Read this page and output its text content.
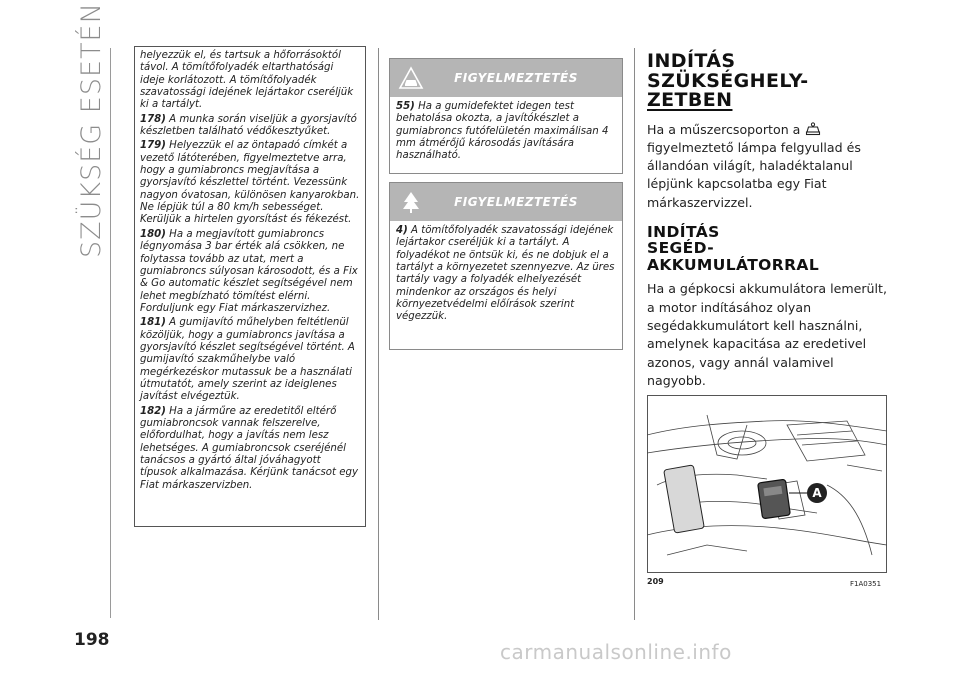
SZÜKSÉG ESETÉN
198

helyezzük el, és tartsuk a hőforrásoktól távol. A tömítőfolyadék eltarthatósági ideje korlátozott. A tömítőfolyadék szavatossági idejének lejártakor cseréljük ki a tartályt.

178) A munka során viseljük a gyorsjavító készletben található védőkesztyűket.

179) Helyezzük el az öntapadó címkét a vezető látóterében, figyelmeztetve arra, hogy a gumiabroncs megjavítása a gyorsjavító készlettel történt. Vezessünk nagyon óvatosan, különösen kanyarokban. Ne lépjük túl a 80 km/h sebességet. Kerüljük a hirtelen gyorsítást és fékezést.

180) Ha a megjavított gumiabroncs légnyomása 3 bar érték alá csökken, ne folytassa tovább az utat, mert a gumiabroncs súlyosan károsodott, és a Fix & Go automatic készlet segítségével nem lehet megbízható tömítést elérni. Forduljunk egy Fiat márkaszervizhez.

181) A gumijavító műhelyben feltétlenül közöljük, hogy a gumiabroncs javítása a gyorsjavító készlet segítségével történt. A gumijavító szakműhelybe való megérkezéskor mutassuk be a használati útmutatót, amely szerint az ideiglenes javítást elvégeztük.

182) Ha a járműre az eredetitől eltérő gumiabroncsok vannak felszerelve, előfordulhat, hogy a javítás nem lesz lehetséges. A gumiabroncsok cseréjénél tanácsos a gyártó által jóváhagyott típusok alkalmazása. Kérjünk tanácsot egy Fiat márkaszervizben.

FIGYELMEZTETÉS
55) Ha a gumidefektet idegen test behatolása okozta, a javítókészlet a gumiabroncs futófelületén maximálisan 4 mm átmérőjű károsodás javítására használható.
FIGYELMEZTETÉS
4) A tömítőfolyadék szavatossági idejének lejártakor cseréljük ki a tartályt. A folyadékot ne öntsük ki, és ne dobjuk el a tartályt a környezetet szennyezve. Az üres tartály vagy a folyadék elhelyezését mindenkor az országos és helyi környezetvédelmi előírások szerint végezzük.
INDÍTÁS
SZÜKSÉGHELY-
ZETBEN

Ha a műszercsoporton a  figyelmeztető lámpa felgyullad és állandóan világít, haladéktalanul lépjünk kapcsolatba egy Fiat márkaszervizzel.

INDÍTÁS
SEGÉD-
AKKUMULÁTORRAL

Ha a gépkocsi akkumulátora lemerült, a motor indításához olyan segédakkumulátort kell használni, amelynek kapacitása az eredetivel azonos, vagy annál valamivel nagyobb.

A
209	F1A0351
carmanualsonline.info
